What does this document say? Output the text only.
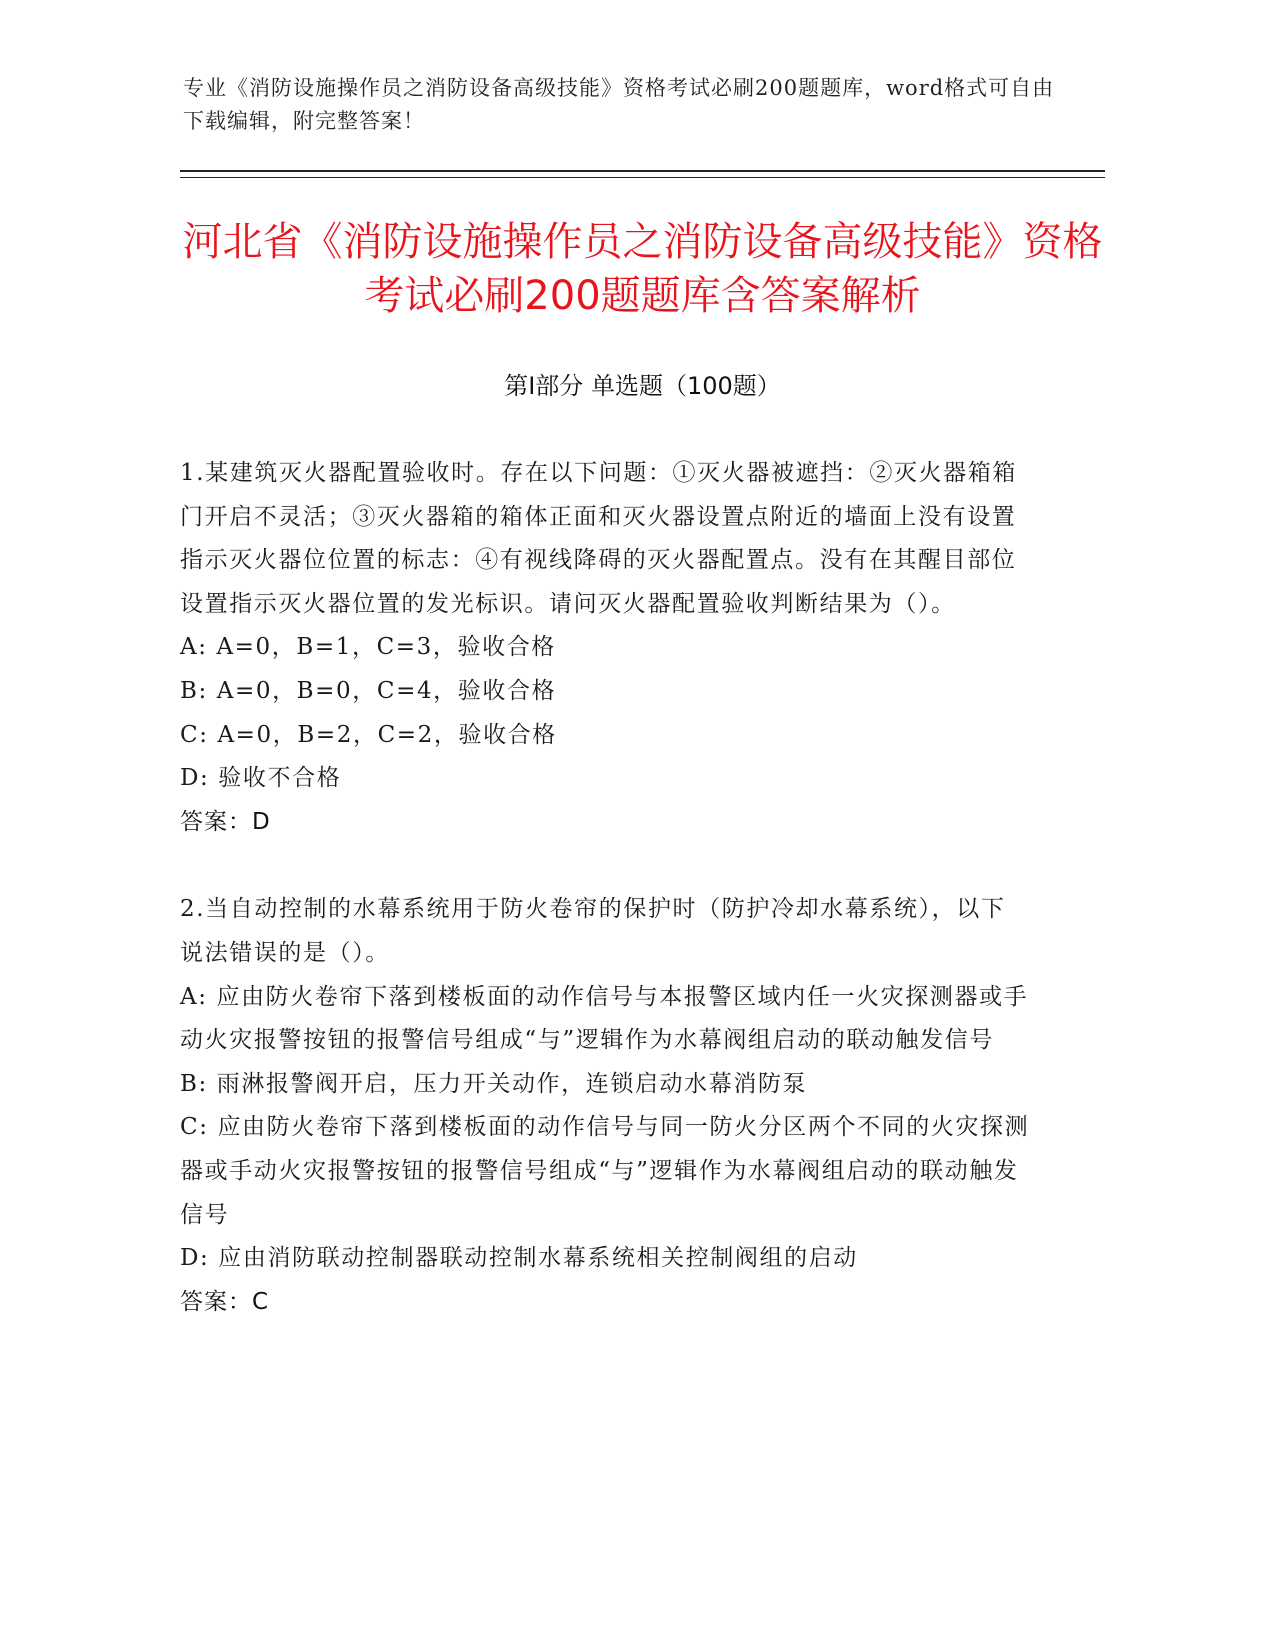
专业《消防设施操作员之消防设备高级技能》资格考试必刷200题题库，word格式可自由下载编辑，附完整答案！
河北省《消防设施操作员之消防设备高级技能》资格考试必刷200题题库含答案解析
第Ⅰ部分 单选题（100题）

1.某建筑灭火器配置验收时。存在以下问题：①灭火器被遮挡：②灭火器箱箱门开启不灵活；③灭火器箱的箱体正面和灭火器设置点附近的墙面上没有设置指示灭火器位位置的标志：④有视线降碍的灭火器配置点。没有在其醒目部位设置指示灭火器位置的发光标识。请问灭火器配置验收判断结果为（）。

A: A=0，B=1，C=3，验收合格

B: A=0，B=0，C=4，验收合格

C: A=0，B=2，C=2，验收合格

D: 验收不合格

答案：D

2.当自动控制的水幕系统用于防火卷帘的保护时（防护冷却水幕系统），以下说法错误的是（）。

A: 应由防火卷帘下落到楼板面的动作信号与本报警区域内任一火灾探测器或手动火灾报警按钮的报警信号组成“与”逻辑作为水幕阀组启动的联动触发信号

B: 雨淋报警阀开启，压力开关动作，连锁启动水幕消防泵

C: 应由防火卷帘下落到楼板面的动作信号与同一防火分区两个不同的火灾探测器或手动火灾报警按钮的报警信号组成“与”逻辑作为水幕阀组启动的联动触发信号

D: 应由消防联动控制器联动控制水幕系统相关控制阀组的启动

答案：C
